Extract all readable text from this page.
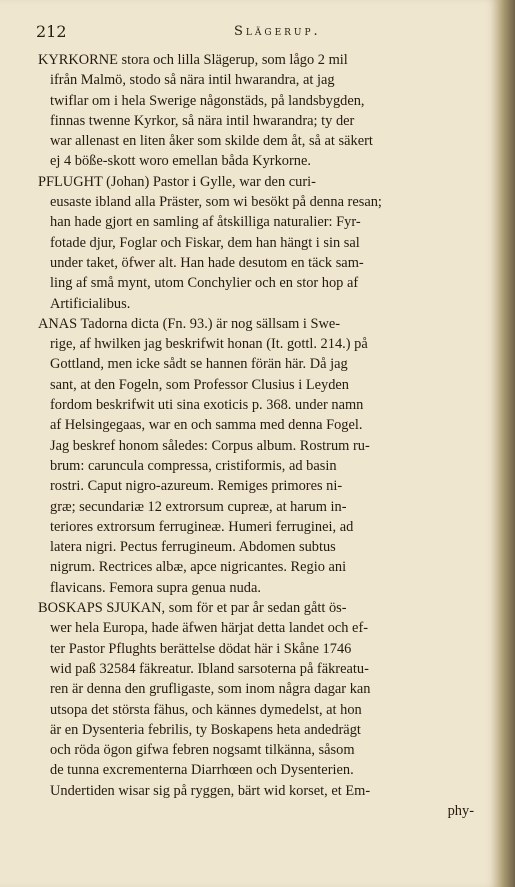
212	Slägerup.
KYRKORNE stora och lilla Slägerup, som lågo 2 mil
ifrån Malmö, stodo så nära intil hwarandra, at jag
twiflar om i hela Swerige någonstäds, på landsbygden,
finnas twenne Kyrkor, så nära intil hwarandra; ty der
war allenast en liten åker som skilde dem åt, så at säkert
ej 4 böße-skott woro emellan båda Kyrkorne.
PFLUGHT (Johan) Pastor i Gylle, war den curi-
eusaste ibland alla Präster, som wi besökt på denna resan;
han hade gjort en samling af åtskilliga naturalier: Fyr-
fotade djur, Foglar och Fiskar, dem han hängt i sin sal
under taket, öfwer alt. Han hade desutom en täck sam-
ling af små mynt, utom Conchylier och en stor hop af
Artificialibus.
ANAS Tadorna dicta (Fn. 93.) är nog sällsam i Swe-
rige, af hwilken jag beskrifwit honan (It. gottl. 214.) på
Gottland, men icke sådt se hannen förän här. Då jag
sant, at den Fogeln, som Professor Clusius i Leyden
fordom beskrifwit uti sina exoticis p. 368. under namn
af Helsingegaas, war en och samma med denna Fogel.
Jag beskref honom således: Corpus album. Rostrum ru-
brum: caruncula compressa, cristiformis, ad basin
rostri. Caput nigro-azureum. Remiges primores ni-
græ; secundariæ 12 extrorsum cupreæ, at harum in-
teriores extrorsum ferrugineæ. Humeri ferruginei, ad
latera nigri. Pectus ferrugineum. Abdomen subtus
nigrum. Rectrices albæ, apce nigricantes. Regio ani
flavicans. Femora supra genua nuda.
BOSKAPS SJUKAN, som för et par år sedan gått ös-
wer hela Europa, hade äfwen härjat detta landet och ef-
ter Pastor Pflughts berättelse dödat här i Skåne 1746
wid paß 32584 fäkreatur. Ibland sarsoterna på fäkreatu-
ren är denna den grufligaste, som inom några dagar kan
utsopa det största fähus, och kännes dymedelst, at hon
är en Dysenteria febrilis, ty Boskapens heta andedrägt
och röda ögon gifwa febren nogsamt tilkänna, såsom
de tunna excrementerna Diarrhœen och Dysenterien.
Undertiden wisar sig på ryggen, bärt wid korset, et Em-
phy-
